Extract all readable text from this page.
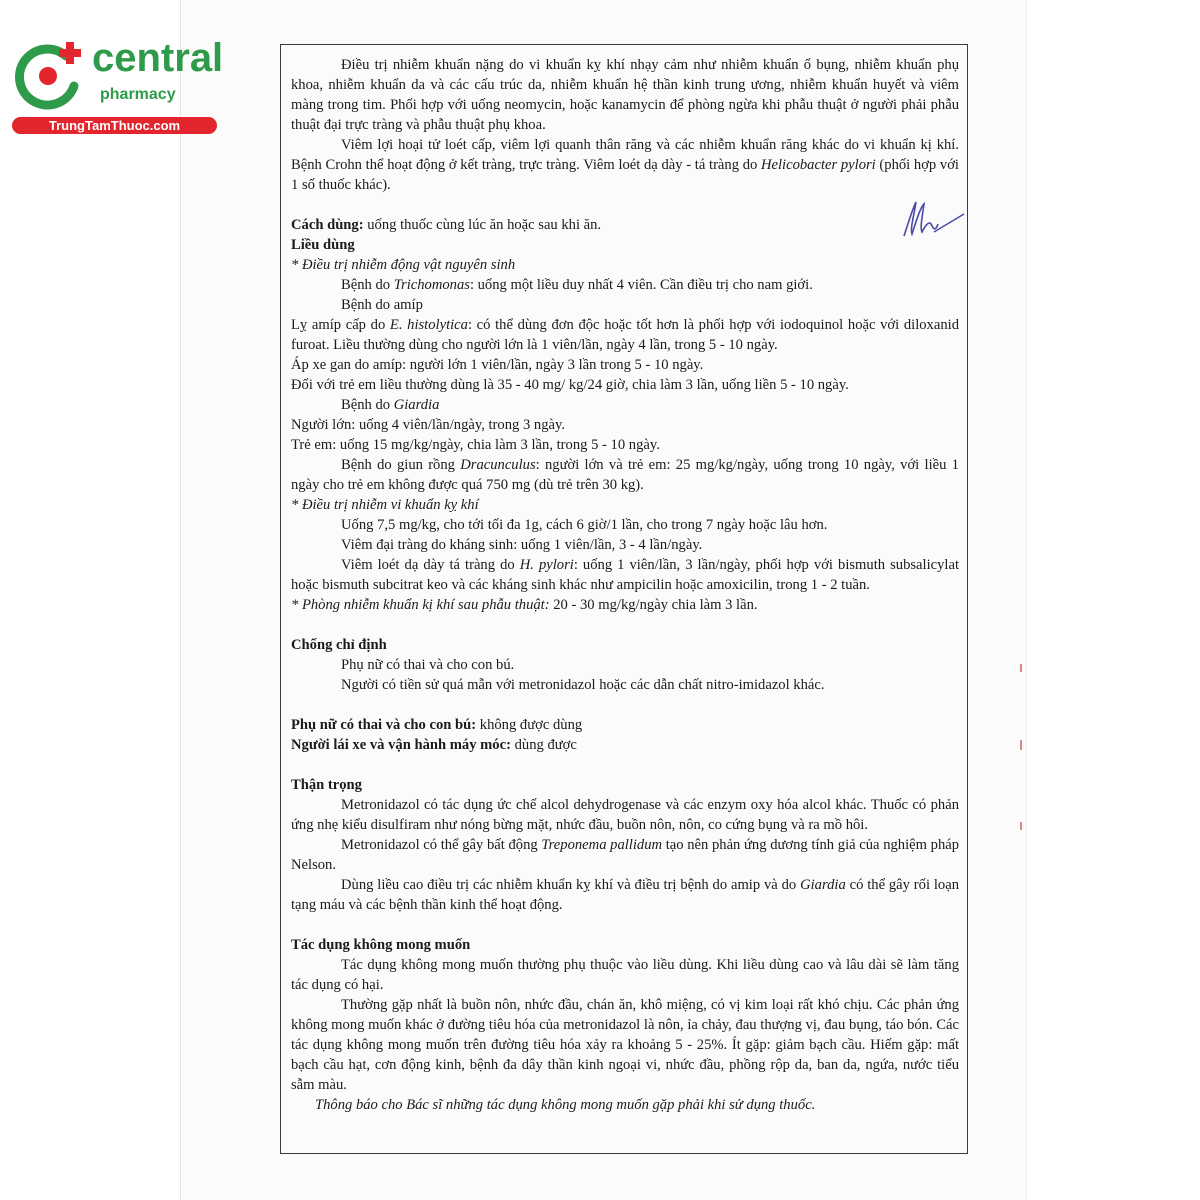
central
pharmacy
TrungTamThuoc.com

Điều trị nhiễm khuẩn nặng do vi khuẩn kỵ khí nhạy cảm như nhiễm khuẩn ổ bụng, nhiễm khuẩn phụ khoa, nhiễm khuẩn da và các cấu trúc da, nhiễm khuẩn hệ thần kinh trung ương, nhiễm khuẩn huyết và viêm màng trong tim. Phối hợp với uống neomycin, hoặc kanamycin để phòng ngừa khi phẫu thuật ở người phải phẫu thuật đại trực tràng và phẫu thuật phụ khoa.

Viêm lợi hoại tử loét cấp, viêm lợi quanh thân răng và các nhiễm khuẩn răng khác do vi khuẩn kị khí. Bệnh Crohn thể hoạt động ở kết tràng, trực tràng. Viêm loét dạ dày - tá tràng do Helicobacter pylori (phối hợp với 1 số thuốc khác).

Cách dùng: uống thuốc cùng lúc ăn hoặc sau khi ăn.

Liều dùng

* Điều trị nhiễm động vật nguyên sinh

Bệnh do Trichomonas: uống một liều duy nhất 4 viên. Cần điều trị cho nam giới.

Bệnh do amíp

Lỵ amíp cấp do E. histolytica: có thể dùng đơn độc hoặc tốt hơn là phối hợp với iodoquinol hoặc với diloxanid furoat. Liều thường dùng cho người lớn là 1 viên/lần, ngày 4 lần, trong 5 - 10 ngày.

Áp xe gan do amíp: người lớn 1 viên/lần, ngày 3 lần trong 5 - 10 ngày.

Đối với trẻ em liều thường dùng là 35 - 40 mg/ kg/24 giờ, chia làm 3 lần, uống liền 5 - 10 ngày.

Bệnh do Giardia

Người lớn: uống 4 viên/lần/ngày, trong 3 ngày.

Trẻ em: uống 15 mg/kg/ngày, chia làm 3 lần, trong 5 - 10 ngày.

Bệnh do giun rồng Dracunculus: người lớn và trẻ em: 25 mg/kg/ngày, uống trong 10 ngày, với liều 1 ngày cho trẻ em không được quá 750 mg (dù trẻ trên 30 kg).

* Điều trị nhiễm vi khuẩn kỵ khí

Uống 7,5 mg/kg, cho tới tối đa 1g, cách 6 giờ/1 lần, cho trong 7 ngày hoặc lâu hơn.

Viêm đại tràng do kháng sinh: uống 1 viên/lần, 3 - 4 lần/ngày.

Viêm loét dạ dày tá tràng do H. pylori: uống 1 viên/lần, 3 lần/ngày, phối hợp với bismuth subsalicylat hoặc bismuth subcitrat keo và các kháng sinh khác như ampicilin hoặc amoxicilin, trong 1 - 2 tuần.

* Phòng nhiễm khuẩn kị khí sau phẫu thuật: 20 - 30 mg/kg/ngày chia làm 3 lần.

Chống chỉ định

Phụ nữ có thai và cho con bú.

Người có tiền sử quá mẫn với metronidazol hoặc các dẫn chất nitro-imidazol khác.

Phụ nữ có thai và cho con bú: không được dùng

Người lái xe và vận hành máy móc: dùng được

Thận trọng

Metronidazol có tác dụng ức chế alcol dehydrogenase và các enzym oxy hóa alcol khác. Thuốc có phản ứng nhẹ kiểu disulfiram như nóng bừng mặt, nhức đầu, buồn nôn, nôn, co cứng bụng và ra mồ hôi.

Metronidazol có thể gây bất động Treponema pallidum tạo nên phản ứng dương tính giả của nghiệm pháp Nelson.

Dùng liều cao điều trị các nhiễm khuẩn kỵ khí và điều trị bệnh do amip và do Giardia có thể gây rối loạn tạng máu và các bệnh thần kinh thể hoạt động.

Tác dụng không mong muốn

Tác dụng không mong muốn thường phụ thuộc vào liều dùng. Khi liều dùng cao và lâu dài sẽ làm tăng tác dụng có hại.

Thường gặp nhất là buồn nôn, nhức đầu, chán ăn, khô miệng, có vị kim loại rất khó chịu. Các phản ứng không mong muốn khác ở đường tiêu hóa của metronidazol là nôn, ỉa chảy, đau thượng vị, đau bụng, táo bón. Các tác dụng không mong muốn trên đường tiêu hóa xảy ra khoảng 5 - 25%. Ít gặp: giảm bạch cầu. Hiếm gặp: mất bạch cầu hạt, cơn động kinh, bệnh đa dây thần kinh ngoại vi, nhức đầu, phồng rộp da, ban da, ngứa, nước tiểu sẫm màu.

Thông báo cho Bác sĩ những tác dụng không mong muốn gặp phải khi sử dụng thuốc.
